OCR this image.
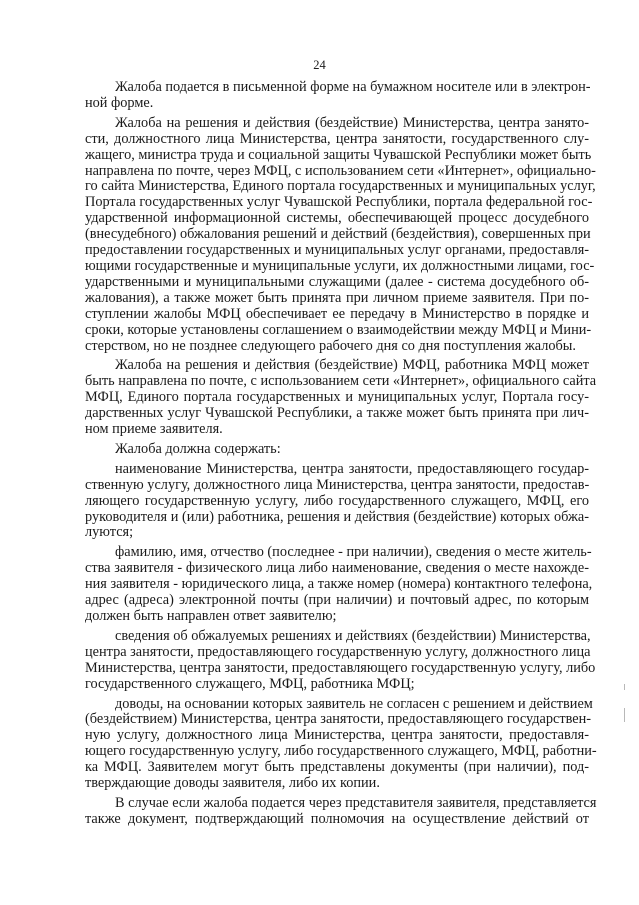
24

Жалоба подается в письменной форме на бумажном носителе или в электрон-
ной форме.

Жалоба на решения и действия (бездействие) Министерства, центра занято-
сти, должностного лица Министерства, центра занятости, государственного слу-
жащего, министра труда и социальной защиты Чувашской Республики может быть
направлена по почте, через МФЦ, с использованием сети «Интернет», официально-
го сайта Министерства, Единого портала государственных и муниципальных услуг,
Портала государственных услуг Чувашской Республики, портала федеральной гос-
ударственной информационной системы, обеспечивающей процесс досудебного
(внесудебного) обжалования решений и действий (бездействия), совершенных при
предоставлении государственных и муниципальных услуг органами, предоставля-
ющими государственные и муниципальные услуги, их должностными лицами, гос-
ударственными и муниципальными служащими (далее - система досудебного об-
жалования), а также может быть принята при личном приеме заявителя. При по-
ступлении жалобы МФЦ обеспечивает ее передачу в Министерство в порядке и
сроки, которые установлены соглашением о взаимодействии между МФЦ и Мини-
стерством, но не позднее следующего рабочего дня со дня поступления жалобы.

Жалоба на решения и действия (бездействие) МФЦ, работника МФЦ может
быть направлена по почте, с использованием сети «Интернет», официального сайта
МФЦ, Единого портала государственных и муниципальных услуг, Портала госу-
дарственных услуг Чувашской Республики, а также может быть принята при лич-
ном приеме заявителя.

Жалоба должна содержать:

наименование Министерства, центра занятости, предоставляющего государ-
ственную услугу, должностного лица Министерства, центра занятости, предостав-
ляющего государственную услугу, либо государственного служащего, МФЦ, его
руководителя и (или) работника, решения и действия (бездействие) которых обжа-
луются;

фамилию, имя, отчество (последнее - при наличии), сведения о месте житель-
ства заявителя - физического лица либо наименование, сведения о месте нахожде-
ния заявителя - юридического лица, а также номер (номера) контактного телефона,
адрес (адреса) электронной почты (при наличии) и почтовый адрес, по которым
должен быть направлен ответ заявителю;

сведения об обжалуемых решениях и действиях (бездействии) Министерства,
центра занятости, предоставляющего государственную услугу, должностного лица
Министерства, центра занятости, предоставляющего государственную услугу, либо
государственного служащего, МФЦ, работника МФЦ;

доводы, на основании которых заявитель не согласен с решением и действием
(бездействием) Министерства, центра занятости, предоставляющего государствен-
ную услугу, должностного лица Министерства, центра занятости, предоставля-
ющего государственную услугу, либо государственного служащего, МФЦ, работни-
ка МФЦ. Заявителем могут быть представлены документы (при наличии), под-
тверждающие доводы заявителя, либо их копии.

В случае если жалоба подается через представителя заявителя, представляется
также документ, подтверждающий полномочия на осуществление действий от
